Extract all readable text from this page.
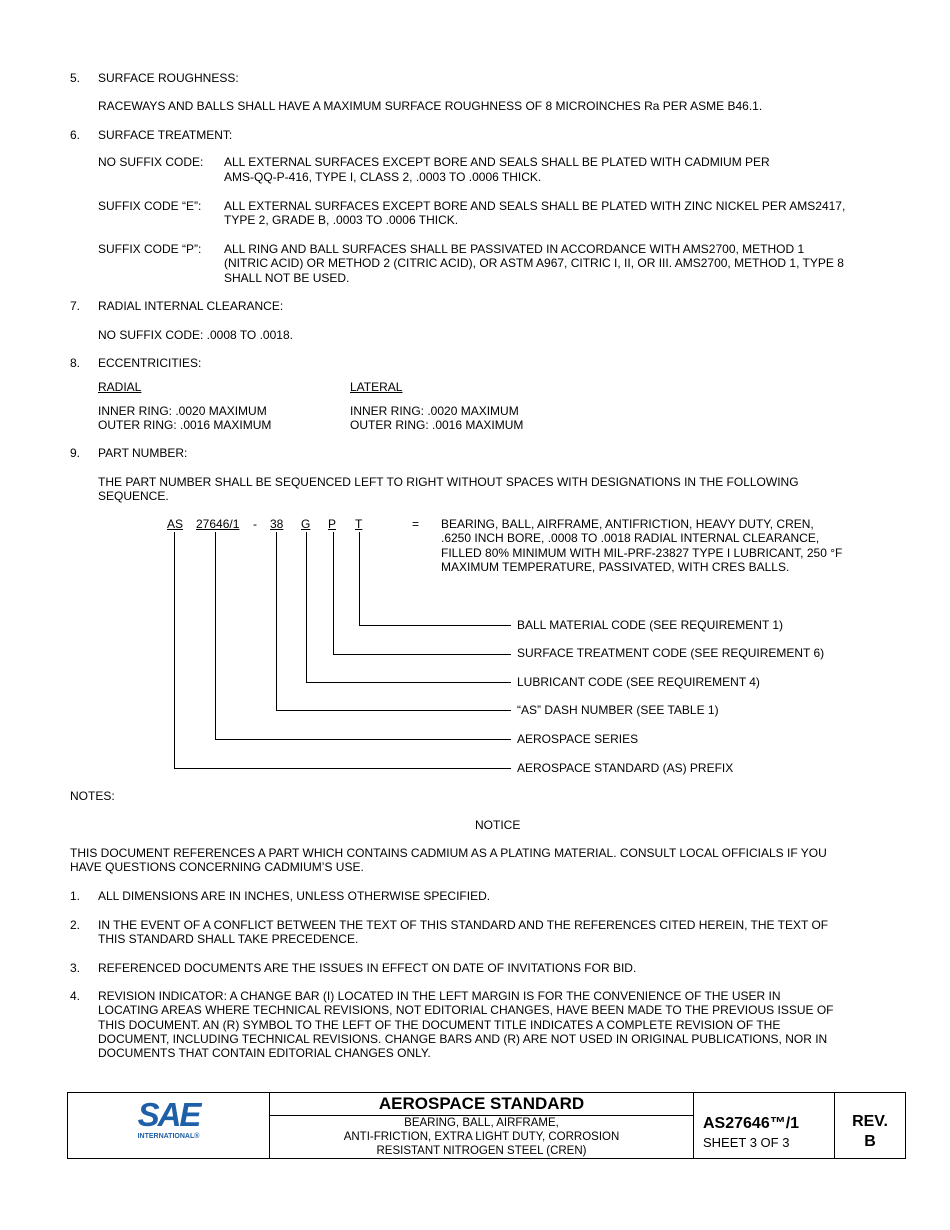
5. SURFACE ROUGHNESS:
RACEWAYS AND BALLS SHALL HAVE A MAXIMUM SURFACE ROUGHNESS OF 8 MICROINCHES Ra PER ASME B46.1.
6. SURFACE TREATMENT:
NO SUFFIX CODE: ALL EXTERNAL SURFACES EXCEPT BORE AND SEALS SHALL BE PLATED WITH CADMIUM PER
AMS-QQ-P-416, TYPE I, CLASS 2, .0003 TO .0006 THICK.
SUFFIX CODE “E”: ALL EXTERNAL SURFACES EXCEPT BORE AND SEALS SHALL BE PLATED WITH ZINC NICKEL PER AMS2417,
TYPE 2, GRADE B, .0003 TO .0006 THICK.
SUFFIX CODE “P”: ALL RING AND BALL SURFACES SHALL BE PASSIVATED IN ACCORDANCE WITH AMS2700, METHOD 1
(NITRIC ACID) OR METHOD 2 (CITRIC ACID), OR ASTM A967, CITRIC I, II, OR III. AMS2700, METHOD 1, TYPE 8
SHALL NOT BE USED.
7. RADIAL INTERNAL CLEARANCE:
NO SUFFIX CODE: .0008 TO .0018.
8. ECCENTRICITIES:
RADIAL	LATERAL
INNER RING: .0020 MAXIMUM
OUTER RING: .0016 MAXIMUM
INNER RING: .0020 MAXIMUM
OUTER RING: .0016 MAXIMUM
9. PART NUMBER:
THE PART NUMBER SHALL BE SEQUENCED LEFT TO RIGHT WITHOUT SPACES WITH DESIGNATIONS IN THE FOLLOWING
SEQUENCE.
AS 27646/1 - 38 G P T	= BEARING, BALL, AIRFRAME, ANTIFRICTION, HEAVY DUTY, CREN,
.6250 INCH BORE, .0008 TO .0018 RADIAL INTERNAL CLEARANCE,
FILLED 80% MINIMUM WITH MIL-PRF-23827 TYPE I LUBRICANT, 250 °F
MAXIMUM TEMPERATURE, PASSIVATED, WITH CRES BALLS.
BALL MATERIAL CODE (SEE REQUIREMENT 1)
SURFACE TREATMENT CODE (SEE REQUIREMENT 6)
LUBRICANT CODE (SEE REQUIREMENT 4)
“AS” DASH NUMBER (SEE TABLE 1)
AEROSPACE SERIES
AEROSPACE STANDARD (AS) PREFIX
NOTES:
NOTICE
THIS DOCUMENT REFERENCES A PART WHICH CONTAINS CADMIUM AS A PLATING MATERIAL. CONSULT LOCAL OFFICIALS IF YOU
HAVE QUESTIONS CONCERNING CADMIUM’S USE.
1. ALL DIMENSIONS ARE IN INCHES, UNLESS OTHERWISE SPECIFIED.
2. IN THE EVENT OF A CONFLICT BETWEEN THE TEXT OF THIS STANDARD AND THE REFERENCES CITED HEREIN, THE TEXT OF
THIS STANDARD SHALL TAKE PRECEDENCE.
3. REFERENCED DOCUMENTS ARE THE ISSUES IN EFFECT ON DATE OF INVITATIONS FOR BID.
4. REVISION INDICATOR: A CHANGE BAR (I) LOCATED IN THE LEFT MARGIN IS FOR THE CONVENIENCE OF THE USER IN
LOCATING AREAS WHERE TECHNICAL REVISIONS, NOT EDITORIAL CHANGES, HAVE BEEN MADE TO THE PREVIOUS ISSUE OF
THIS DOCUMENT. AN (R) SYMBOL TO THE LEFT OF THE DOCUMENT TITLE INDICATES A COMPLETE REVISION OF THE
DOCUMENT, INCLUDING TECHNICAL REVISIONS. CHANGE BARS AND (R) ARE NOT USED IN ORIGINAL PUBLICATIONS, NOR IN
DOCUMENTS THAT CONTAIN EDITORIAL CHANGES ONLY.
SAE
INTERNATIONAL®
AEROSPACE STANDARD
BEARING, BALL, AIRFRAME,
ANTI-FRICTION, EXTRA LIGHT DUTY, CORROSION
RESISTANT NITROGEN STEEL (CREN)
AS27646™/1
SHEET 3 OF 3
REV.
B
